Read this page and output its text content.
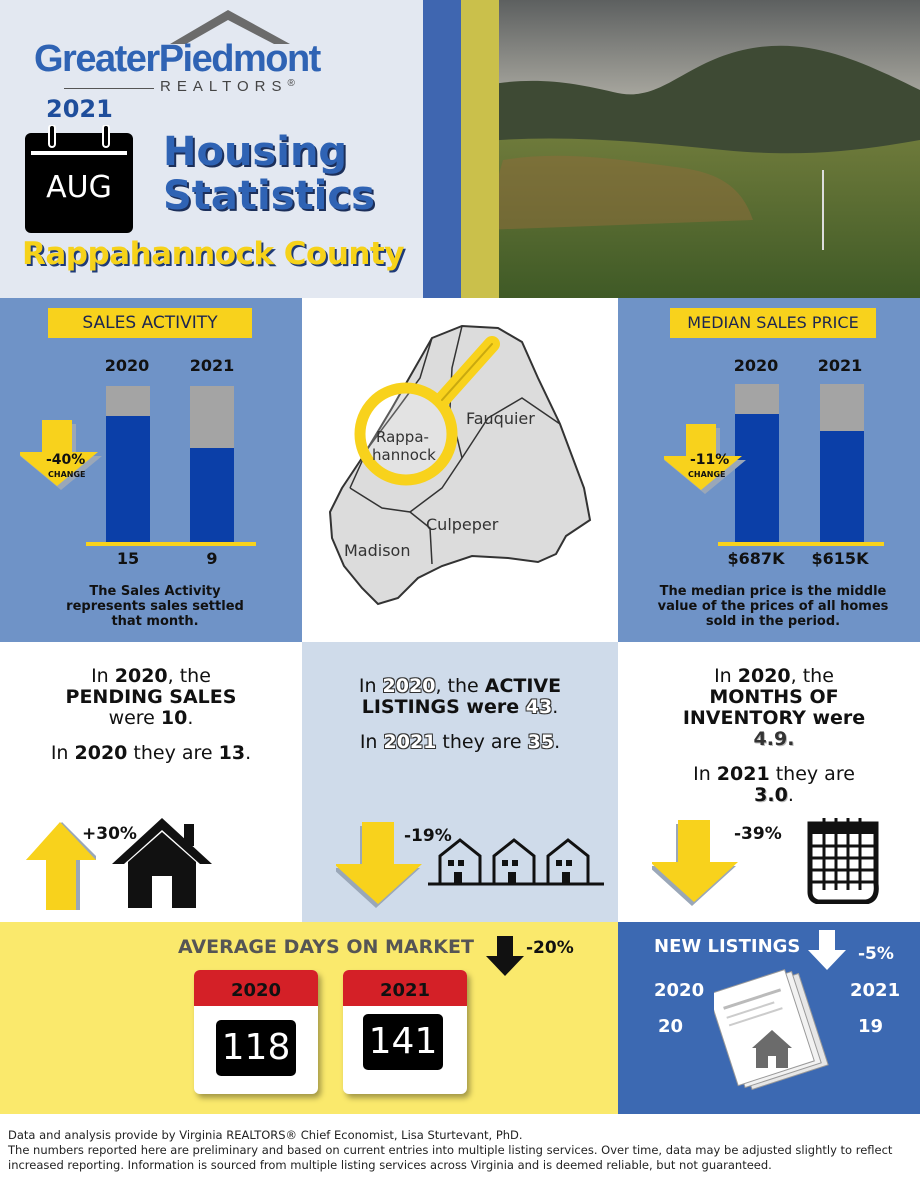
GreaterPiedmont
REALTORS®
2021
AUG
Housing
Statistics
Rappahannock County
SALES ACTIVITY
2020	2021
-40%
CHANGE
15	9
The Sales Activity represents sales settled that month.
Rappa-
hannock
Fauquier
Culpeper
Madison
MEDIAN SALES PRICE
2020	2021
-11%
CHANGE
$687K	$615K
The median price is the middle value of the prices of all homes sold in the period.
In 2020, the
PENDING SALES
were 10.
In 2020 they are 13.
+30%
In 2020, the ACTIVE
LISTINGS were 43.
In 2021 they are 35.
-19%
In 2020, the
MONTHS OF
INVENTORY were
4.9.
In 2021 they are
3.0.
-39%
AVERAGE DAYS ON MARKET	-20%
2020
118
2021
141
NEW LISTINGS	-5%
2020	2021
20	19
Data and analysis provide by Virginia REALTORS® Chief Economist, Lisa Sturtevant, PhD.
The numbers reported here are preliminary and based on current entries into multiple listing services. Over time, data may be adjusted slightly to reflect increased reporting. Information is sourced from multiple listing services across Virginia and is deemed reliable, but not guaranteed.
